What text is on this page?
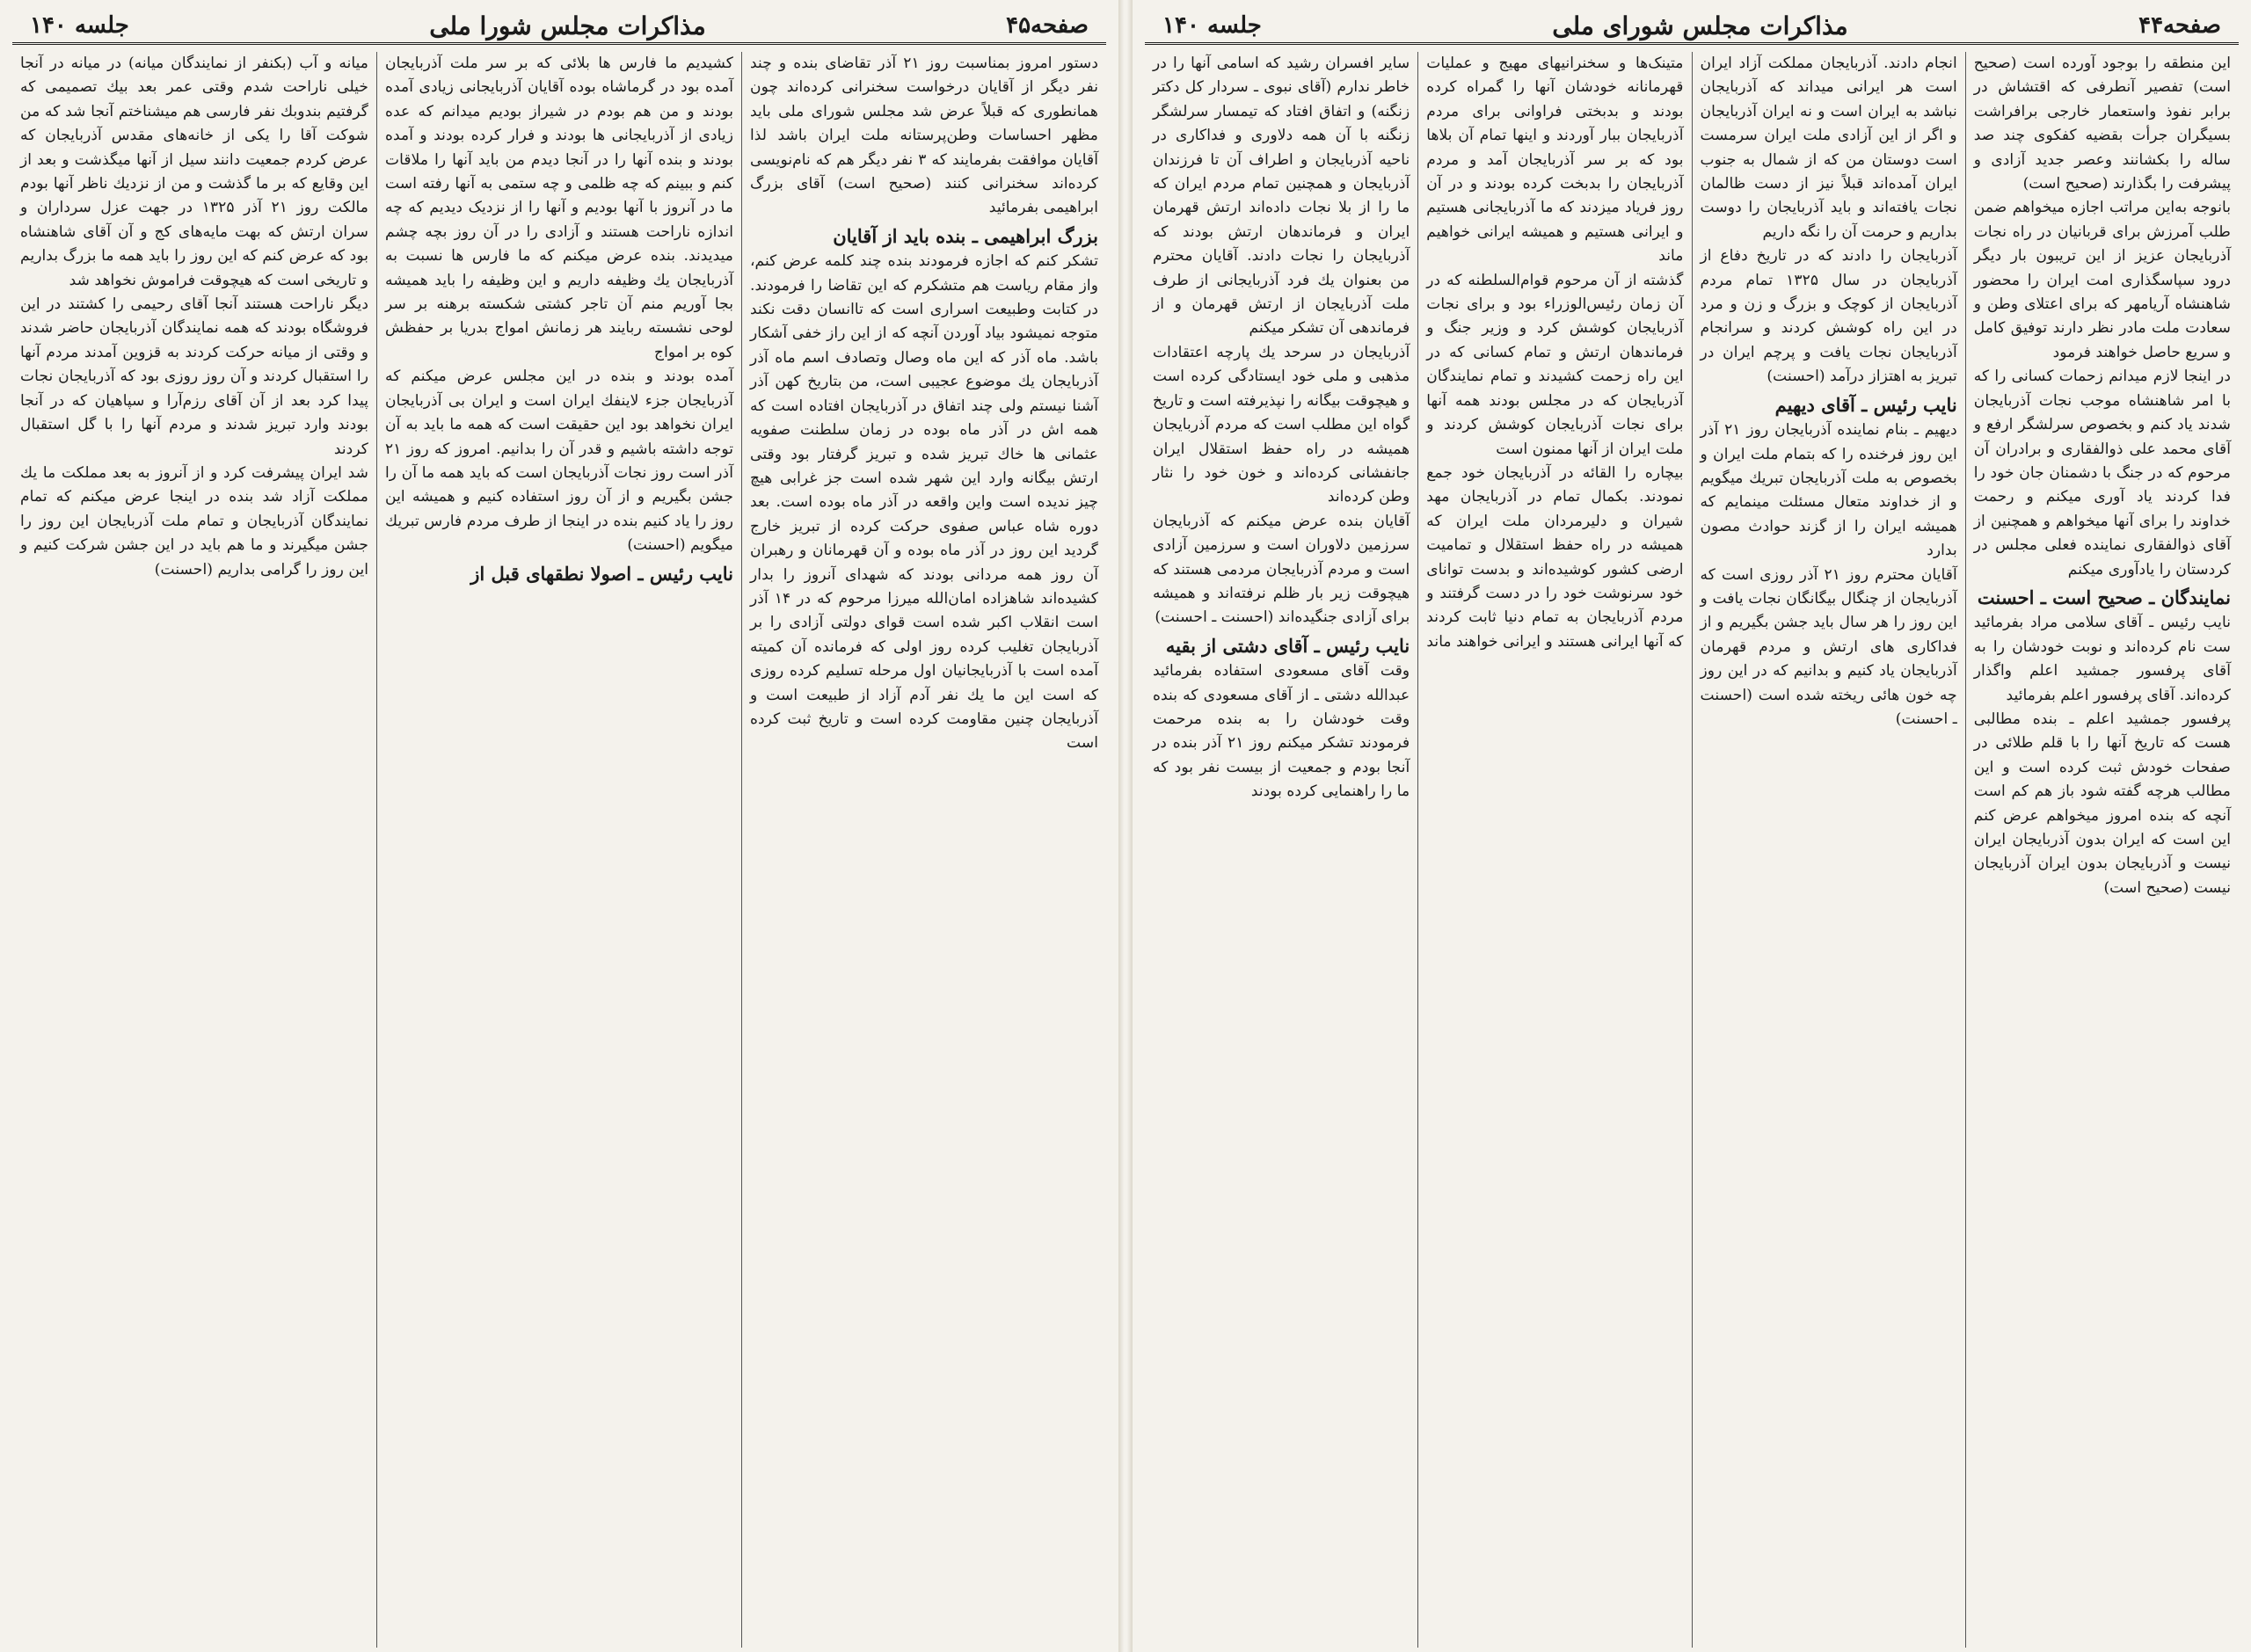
صفحه۴۵
مذاکرات مجلس شورا ملی
جلسه ۱۴۰

دستور امروز بمناسبت روز ۲۱ آذر تقاضای بنده و چند نفر دیگر از آقایان درخواست سخنرانی کرده‌اند چون همانطوری که قبلاً عرض شد مجلس شورای ملی باید مظهر احساسات وطن‌پرستانه ملت ایران باشد لذا آقایان موافقت بفرمایند که ۳ نفر دیگر هم که نام‌نویسی کرده‌اند سخنرانی کنند (صحیح است) آقای بزرگ ابراهیمی بفرمائید

بزرگ ابراهیمی ـ بنده باید از آقایان

تشکر کنم که اجازه فرمودند بنده چند کلمه عرض کنم، واز مقام ریاست هم متشکرم که این تقاضا را فرمودند. در کتابت وطبیعت اسراری است که تاانسان دقت نکند متوجه نمیشود بیاد آوردن آنچه که از این راز خفی آشکار باشد. ماه آذر که این ماه وصال وتصادف اسم ماه آذر آذربایجان یك موضوع عجیبی است، من بتاریخ کهن آذر آشنا نیستم ولی چند اتفاق در آذربایجان افتاده است که همه اش در آذر ماه بوده در زمان سلطنت صفویه عثمانی ها خاك تبریز شده و تبریز گرفتار بود وقتی ارتش بیگانه وارد این شهر شده است جز غرابی هیچ چیز ندیده است واین واقعه در آذر ماه بوده است. بعد دوره شاه عباس صفوی حرکت کرده از تبریز خارج گردید این روز در آذر ماه بوده و آن قهرمانان و رهبران آن روز همه مردانی بودند که شهدای آنروز را بدار کشیده‌اند شاهزاده امان‌الله میرزا مرحوم که در ۱۴ آذر است انقلاب اکبر شده است قوای دولتی آزادی را بر آذربایجان تغلیب کرده روز اولی که فرمانده آن کمیته آمده است با آذربایجانیان اول مرحله تسلیم کرده روزی که است این ما یك نفر آدم آزاد از طبیعت است و آذربایجان چنین مقاومت کرده است و تاریخ ثبت کرده است

کشیدیم ما فارس ها بلائی که بر سر ملت آذربایجان آمده بود در گرماشاه بوده آقایان آذربایجانی زیادی آمده بودند و من هم بودم در شیراز بودیم میدانم که عده زیادی از آذربایجانی ها بودند و فرار کرده بودند و آمده بودند و بنده آنها را در آنجا دیدم من باید آنها را ملاقات کنم و ببینم که چه ظلمی و چه ستمی به آنها رفته است ما در آنروز با آنها بودیم و آنها را از نزدیک دیدیم که چه اندازه ناراحت هستند و آزادی را در آن روز بچه چشم میدیدند. بنده عرض میکنم که ما فارس ها نسبت به آذربایجان یك وظیفه داریم و این وظیفه را باید همیشه بجا آوریم منم آن تاجر کشتی شکسته برهنه بر سر لوحی نشسته ربایند هر زمانش امواج بدریا بر حفظش کوه بر امواج

آمده بودند و بنده در این مجلس عرض میکنم که آذربایجان جزء لاینفك ایران است و ایران بی آذربایجان ایران نخواهد بود این حقیقت است که همه ما باید به آن توجه داشته باشیم و قدر آن را بدانیم. امروز که روز ۲۱ آذر است روز نجات آذربایجان است که باید همه ما آن را جشن بگیریم و از آن روز استفاده کنیم و همیشه این روز را یاد کنیم بنده در اینجا از طرف مردم فارس تبریك میگویم (احسنت)

نایب رئیس ـ اصولا نطقهای قبل از

میانه و آب (بکنفر از نمایندگان میانه) در میانه در آنجا خیلی ناراحت شدم وقتی عمر بعد بیك تصمیمی که گرفتیم بندوبك نفر فارسی هم میشناختم آنجا شد که من شوکت آقا را یکی از خانه‌های مقدس آذربایجان که عرض کردم جمعیت دانند سیل از آنها میگذشت و بعد از این وقایع که بر ما گذشت و من از نزدیك ناظر آنها بودم مالکت روز ۲۱ آذر ۱۳۲۵ در جهت عزل سرداران و سران ارتش که بهت مایه‌های کج و آن آقای شاهنشاه بود که عرض کنم که این روز را باید همه ما بزرگ بداریم و تاریخی است که هیچوقت فراموش نخواهد شد

دیگر ناراحت هستند آنجا آقای رحیمی را کشتند در این فروشگاه بودند که همه نمایندگان آذربایجان حاضر شدند و وقتی از میانه حرکت کردند به قزوین آمدند مردم آنها را استقبال کردند و آن روز روزی بود که آذربایجان نجات پیدا کرد بعد از آن آقای رزم‌آرا و سپاهیان که در آنجا بودند وارد تبریز شدند و مردم آنها را با گل استقبال کردند

شد ایران پیشرفت کرد و از آنروز به بعد مملکت ما یك مملکت آزاد شد بنده در اینجا عرض میکنم که تمام نمایندگان آذربایجان و تمام ملت آذربایجان این روز را جشن میگیرند و ما هم باید در این جشن شرکت کنیم و این روز را گرامی بداریم (احسنت)

صفحه۴۴
مذاکرات مجلس شورای ملی
جلسه ۱۴۰

این منطقه را بوجود آورده است (صحیح است) تفصیر آنطرفی که اقتشاش در برابر نفوذ واستعمار خارجی برافراشت بسیگران جرأت بقضیه کفکوی چند صد ساله را بکشانند وعصر جدید آزادی و پیشرفت را بگذارند (صحیح است)

بانوجه به‌این مراتب اجازه میخواهم ضمن طلب آمرزش برای قربانیان در راه نجات آذربایجان عزیز از این تریبون بار دیگر درود سپاسگذاری امت ایران را محضور شاهنشاه آریامهر که برای اعتلای وطن و سعادت ملت مادر نظر دارند توفیق کامل و سریع حاصل خواهند فرمود

در اینجا لازم میدانم زحمات کسانی را که با امر شاهنشاه موجب نجات آذربایجان شدند یاد کنم و بخصوص سرلشگر ارفع و آقای محمد علی ذوالفقاری و برادران آن مرحوم که در جنگ با دشمنان جان خود را فدا کردند یاد آوری میکنم و رحمت خداوند را برای آنها میخواهم و همچنین از آقای ذوالفقاری نماینده فعلی مجلس در کردستان را یادآوری میکنم

نمایندگان ـ صحیح است ـ احسنت

نایب رئیس ـ آقای سلامی مراد بفرمائید ست نام کرده‌اند و نوبت خودشان را به آقای پرفسور جمشید اعلم واگذار کرده‌اند. آقای پرفسور اعلم بفرمائید

پرفسور جمشید اعلم ـ بنده مطالبی هست که تاریخ آنها را با قلم طلائی در صفحات خودش ثبت کرده است و این مطالب هرچه گفته شود باز هم کم است آنچه که بنده امروز میخواهم عرض کنم این است که ایران بدون آذربایجان ایران نیست و آذربایجان بدون ایران آذربایجان نیست (صحیح است)

انجام دادند. آذربایجان مملکت آزاد ایران است هر ایرانی میداند که آذربایجان نباشد به ایران است و نه ایران آذربایجان و اگر از این آزادی ملت ایران سرمست است دوستان من که از شمال به جنوب ایران آمده‌اند قبلاً نیز از دست ظالمان نجات یافته‌اند و باید آذربایجان را دوست بداریم و حرمت آن را نگه داریم

آذربایجان را دادند که در تاریخ دفاع از آذربایجان در سال ۱۳۲۵ تمام مردم آذربایجان از کوچک و بزرگ و زن و مرد در این راه کوشش کردند و سرانجام آذربایجان نجات یافت و پرچم ایران در تبریز به اهتزاز درآمد (احسنت)

نایب رئیس ـ آقای دیهیم

دیهیم ـ بنام نماینده آذربایجان روز ۲۱ آذر این روز فرخنده را که بتمام ملت ایران و بخصوص به ملت آذربایجان تبریك میگویم و از خداوند متعال مسئلت مینمایم که همیشه ایران را از گزند حوادث مصون بدارد

آقایان محترم روز ۲۱ آذر روزی است که آذربایجان از چنگال بیگانگان نجات یافت و این روز را هر سال باید جشن بگیریم و از فداکاری های ارتش و مردم قهرمان آذربایجان یاد کنیم و بدانیم که در این روز چه خون هائی ریخته شده است (احسنت ـ احسنت)

متینک‌ها و سخنرانیهای مهیج و عملیات قهرمانانه خودشان آنها را گمراه کرده بودند و بدبختی فراوانی برای مردم آذربایجان ببار آوردند و اینها تمام آن بلاها بود که بر سر آذربایجان آمد و مردم آذربایجان را بدبخت کرده بودند و در آن روز فریاد میزدند که ما آذربایجانی هستیم و ایرانی هستیم و همیشه ایرانی خواهیم ماند

گذشته از آن مرحوم قوام‌السلطنه که در آن زمان رئیس‌الوزراء بود و برای نجات آذربایجان کوشش کرد و وزیر جنگ و فرماندهان ارتش و تمام کسانی که در این راه زحمت کشیدند و تمام نمایندگان آذربایجان که در مجلس بودند همه آنها برای نجات آذربایجان کوشش کردند و ملت ایران از آنها ممنون است

بیچاره را القائه در آذربایجان خود جمع نمودند. بکمال تمام در آذربایجان مهد شیران و دلیرمردان ملت ایران که همیشه در راه حفظ استقلال و تمامیت ارضی کشور کوشیده‌اند و بدست تواناى خود سرنوشت خود را در دست گرفتند و مردم آذربایجان به تمام دنیا ثابت کردند که آنها ایرانی هستند و ایرانی خواهند ماند

سایر افسران رشید که اسامی آنها را در خاطر ندارم (آقای نبوی ـ سردار کل دکتر زنگنه) و اتفاق افتاد که تیمسار سرلشگر زنگنه با آن همه دلاوری و فداکاری در ناحیه آذربایجان و اطراف آن تا فرزندان آذربایجان و همچنین تمام مردم ایران که ما را از بلا نجات داده‌اند ارتش قهرمان ایران و فرماندهان ارتش بودند که آذربایجان را نجات دادند. آقایان محترم من بعنوان یك فرد آذربایجانی از طرف ملت آذربایجان از ارتش قهرمان و از فرماندهی آن تشکر میکنم

آذربایجان در سرحد یك پارچه اعتقادات مذهبی و ملی خود ایستادگی کرده است و هیچوقت بیگانه را نپذیرفته است و تاریخ گواه این مطلب است که مردم آذربایجان همیشه در راه حفظ استقلال ایران جانفشانی کرده‌اند و خون خود را نثار وطن کرده‌اند

آقایان بنده عرض میکنم که آذربایجان سرزمین دلاوران است و سرزمین آزادی است و مردم آذربایجان مردمی هستند که هیچوقت زیر بار ظلم نرفته‌اند و همیشه برای آزادی جنگیده‌اند (احسنت ـ احسنت)

نایب رئیس ـ آقای دشتی از بقیه

وقت آقای مسعودی استفاده بفرمائید عبدالله دشتی ـ از آقای مسعودی که بنده وقت خودشان را به بنده مرحمت فرمودند تشکر میکنم روز ۲۱ آذر بنده در آنجا بودم و جمعیت از بیست نفر بود که ما را راهنمایی کرده بودند
